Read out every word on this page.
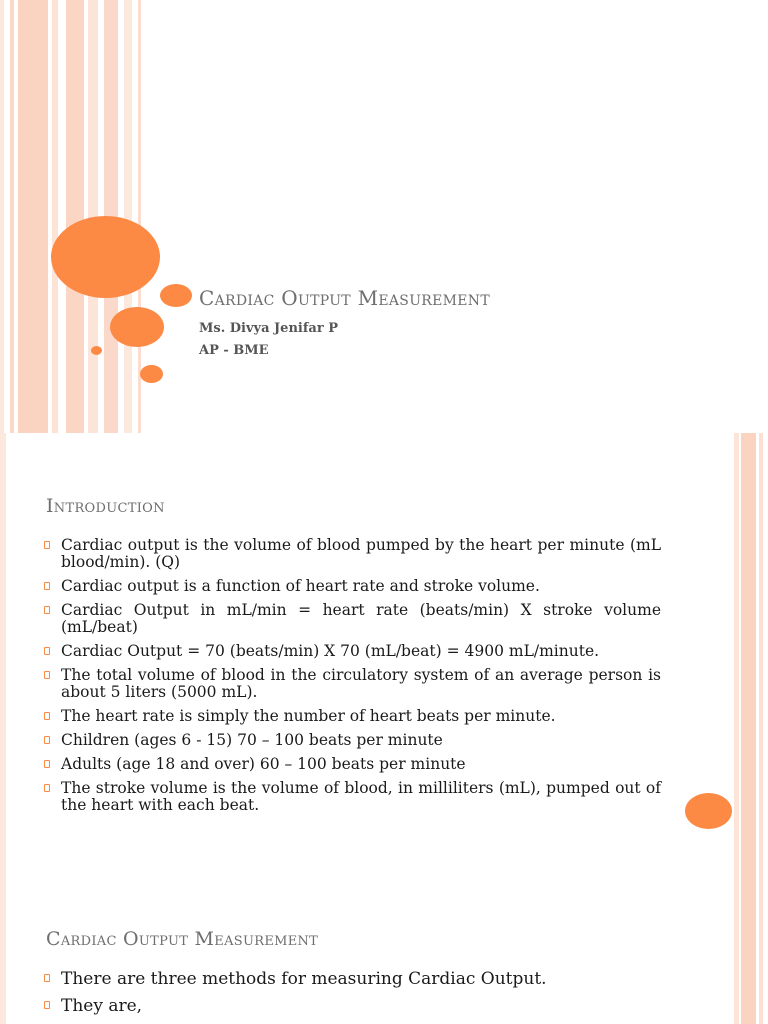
Cardiac Output Measurement
Ms. Divya Jenifar P
AP - BME
Introduction
Cardiac output is the volume of blood pumped by the heart per minute (mL blood/min). (Q)
Cardiac output is a function of heart rate and stroke volume.
Cardiac Output in mL/min = heart rate (beats/min) X stroke volume (mL/beat)
Cardiac Output = 70 (beats/min) X 70 (mL/beat) = 4900 mL/minute.
The total volume of blood in the circulatory system of an average person is about 5 liters (5000 mL).
The heart rate is simply the number of heart beats per minute.
Children (ages 6 - 15) 70 – 100 beats per minute
Adults (age 18 and over) 60 – 100 beats per minute
The stroke volume is the volume of blood, in milliliters (mL), pumped out of the heart with each beat.
Cardiac Output Measurement
There are three methods for measuring Cardiac Output.
They are,
